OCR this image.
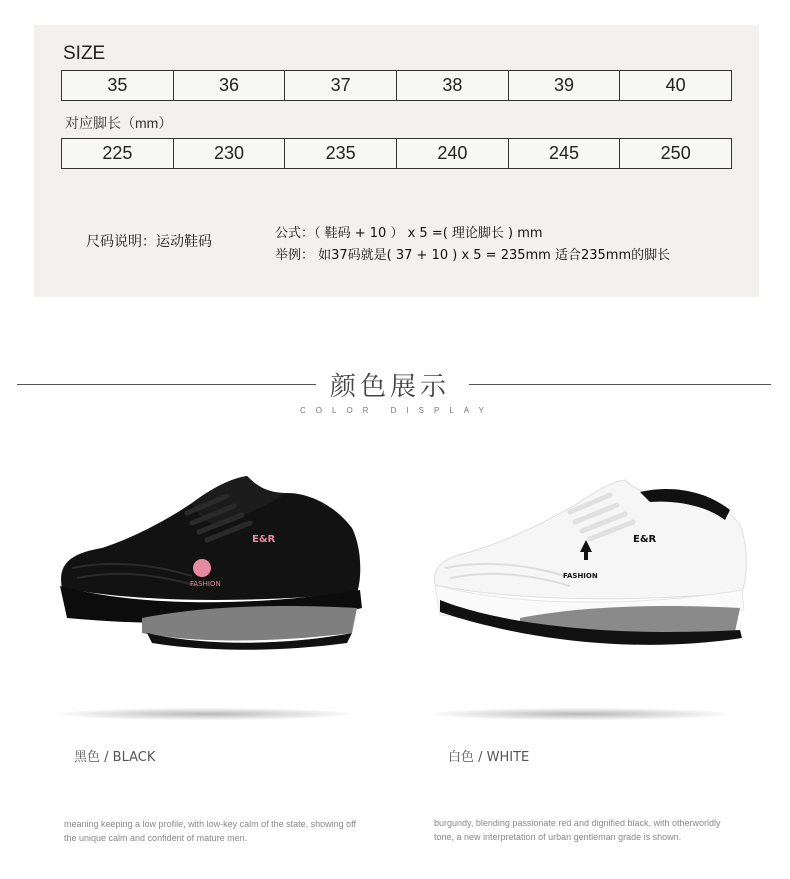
SIZE
35	36	37	38	39	40
对应脚长（mm）
225	230	235	240	245	250
尺码说明：运动鞋码
公式：（ 鞋码 + 10 ） x 5 =( 理论脚长 ) mm
举例： 如37码就是( 37 + 10 ) x 5 = 235mm 适合235mm的脚长
颜色展示
COLOR DISPLAY
FASHION
E&R
FASHION
E&R
黑色 / BLACK	白色 / WHITE
meaning keeping a low profile, with low-key calm of the state, showing off the unique calm and confident of mature men.
burgundy, blending passionate red and dignified black, with otherworldly tone, a new interpretation of urban gentleman grade is shown.
